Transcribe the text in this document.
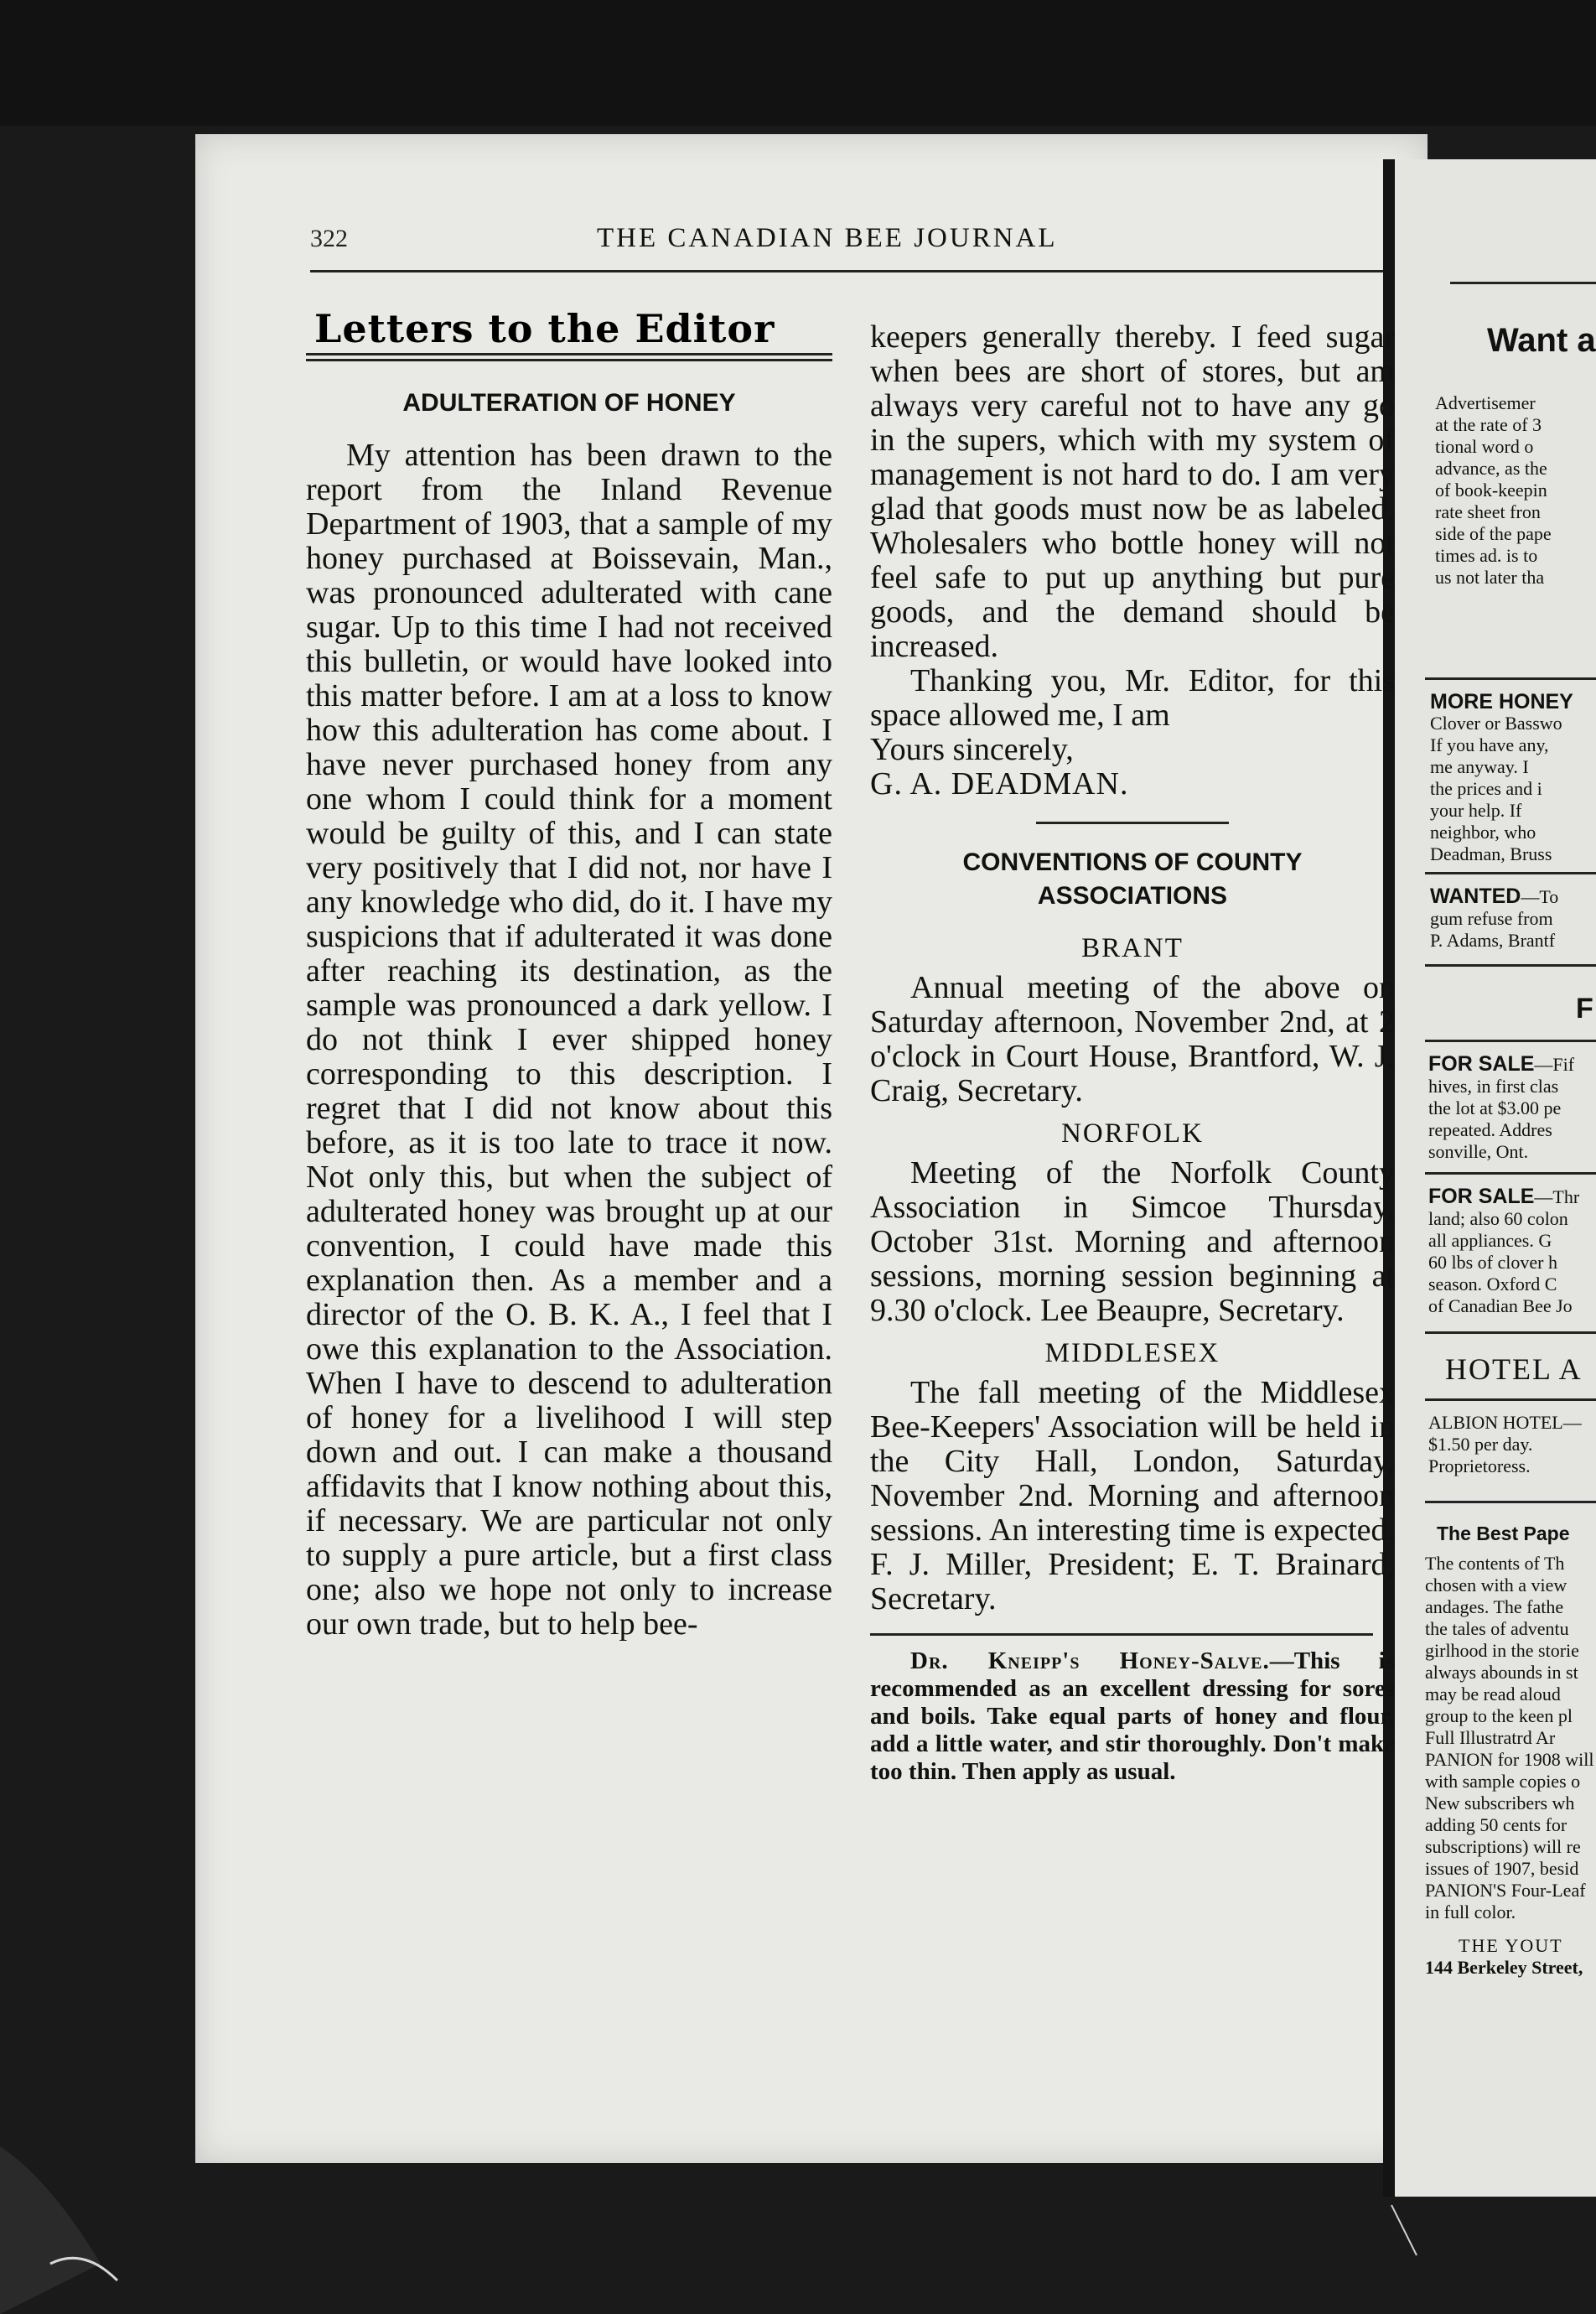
322	THE CANADIAN BEE JOURNAL
Letters to the Editor
ADULTERATION OF HONEY

My attention has been drawn to the report from the Inland Revenue Department of 1903, that a sample of my honey purchased at Boissevain, Man., was pronounced adulterated with cane sugar. Up to this time I had not received this bulletin, or would have looked into this matter before. I am at a loss to know how this adulteration has come about. I have never purchased honey from any one whom I could think for a moment would be guilty of this, and I can state very positively that I did not, nor have I any knowledge who did, do it. I have my suspicions that if adulterated it was done after reaching its destination, as the sample was pronounced a dark yellow. I do not think I ever shipped honey corresponding to this description. I regret that I did not know about this before, as it is too late to trace it now. Not only this, but when the subject of adulterated honey was brought up at our convention, I could have made this explanation then. As a member and a director of the O. B. K. A., I feel that I owe this explanation to the Association. When I have to descend to adulteration of honey for a livelihood I will step down and out. I can make a thousand affidavits that I know nothing about this, if necessary. We are particular not only to supply a pure article, but a first class one; also we hope not only to increase our own trade, but to help bee-

keepers generally thereby. I feed sugar when bees are short of stores, but am always very careful not to have any go in the supers, which with my system of management is not hard to do. I am very glad that goods must now be as labeled. Wholesalers who bottle honey will not feel safe to put up anything but pure goods, and the demand should be increased.

Thanking you, Mr. Editor, for this space allowed me, I am

Yours sincerely,

G. A. DEADMAN.

CONVENTIONS OF COUNTY ASSOCIATIONS
BRANT

Annual meeting of the above on Saturday afternoon, November 2nd, at 2 o'clock in Court House, Brantford, W. J. Craig, Secretary.

NORFOLK

Meeting of the Norfolk County Association in Simcoe Thursday, October 31st. Morning and afternoon sessions, morning session beginning at 9.30 o'clock. Lee Beaupre, Secretary.

MIDDLESEX

The fall meeting of the Middlesex Bee-Keepers' Association will be held in the City Hall, London, Saturday, November 2nd. Morning and afternoon sessions. An interesting time is expected. F. J. Miller, President; E. T. Brainard, Secretary.

Dr. Kneipp's Honey-Salve.—This is recommended as an excellent dressing for sores and boils. Take equal parts of honey and flour, add a little water, and stir thoroughly. Don't make too thin. Then apply as usual.

Want a
Advertisemer
at the rate of 3
tional word o
advance, as the
of book-keepin
rate sheet fron
side of the pape
times ad. is to
us not later tha
MORE HONEY
Clover or Basswo
If you have any,
me anyway. I
the prices and i
your help. If
neighbor, who
Deadman, Bruss
WANTED—To
gum refuse from
P. Adams, Brantf
F
FOR SALE—Fif
hives, in first clas
the lot at $3.00 pe
repeated. Addres
sonville, Ont.
FOR SALE—Thr
land; also 60 colon
all appliances. G
60 lbs of clover h
season. Oxford C
of Canadian Bee Jo
HOTEL A
ALBION HOTEL—
$1.50 per day.
Proprietoress.
The Best Pape
The contents of Th
chosen with a view
andages. The fathe
the tales of adventu
girlhood in the storie
always abounds in st
may be read aloud
group to the keen pl
Full Illustratrd Ar
PANION for 1908 will
with sample copies o
New subscribers wh
adding 50 cents for
subscriptions) will re
issues of 1907, besid
PANION'S Four-Leaf
in full color.
THE YOUT
144 Berkeley Street,
